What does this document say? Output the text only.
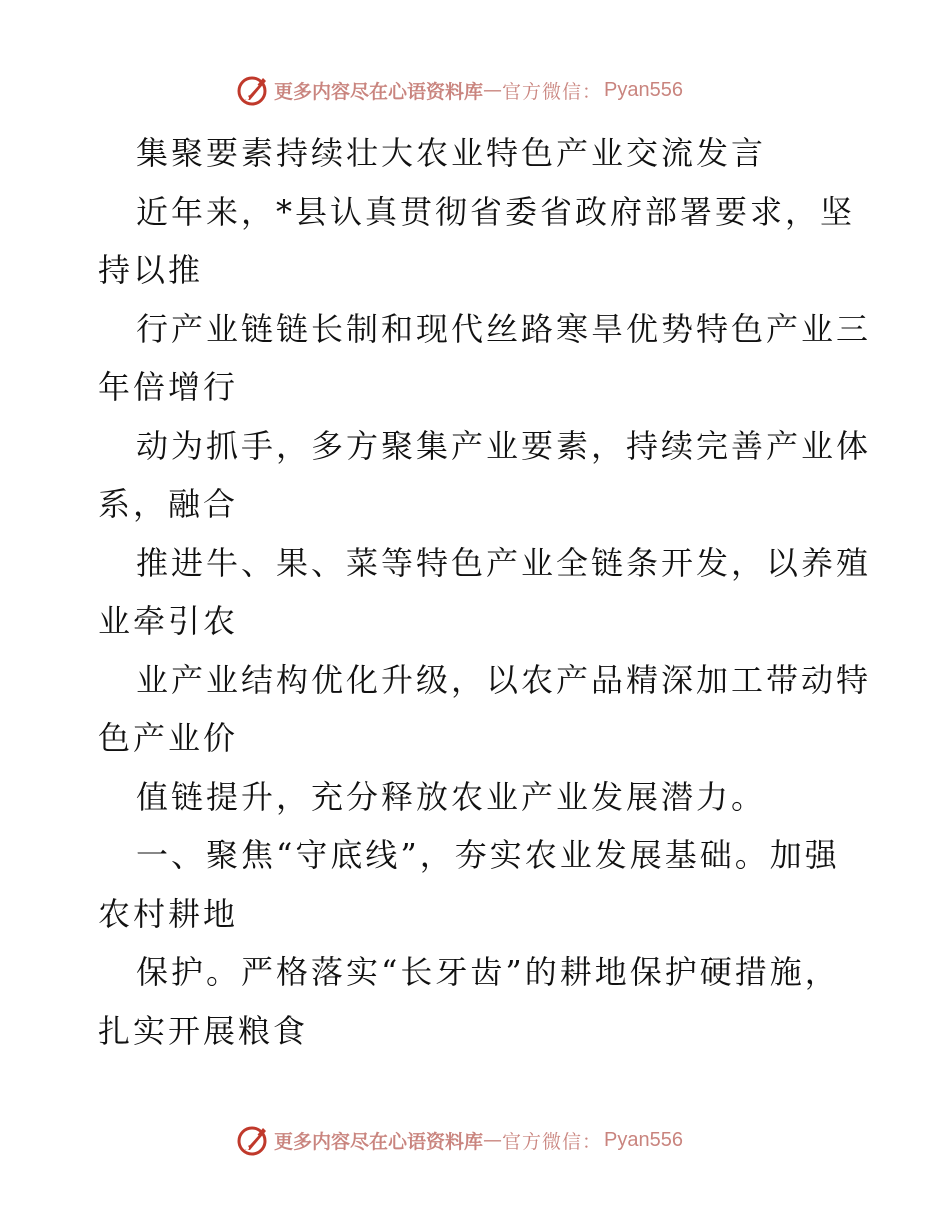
更多内容尽在心语资料库 — 官方微信： Pyan556

集聚要素持续壮大农业特色产业交流发言

近年来，*县认真贯彻省委省政府部署要求，坚

持以推

行产业链链长制和现代丝路寒旱优势特色产业三

年倍增行

动为抓手，多方聚集产业要素，持续完善产业体

系，融合

推进牛、果、菜等特色产业全链条开发，以养殖

业牵引农

业产业结构优化升级，以农产品精深加工带动特

色产业价

值链提升，充分释放农业产业发展潜力。

一、聚焦“守底线”，夯实农业发展基础。加强

农村耕地

保护。严格落实“长牙齿”的耕地保护硬措施，

扎实开展粮食

更多内容尽在心语资料库 — 官方微信： Pyan556
